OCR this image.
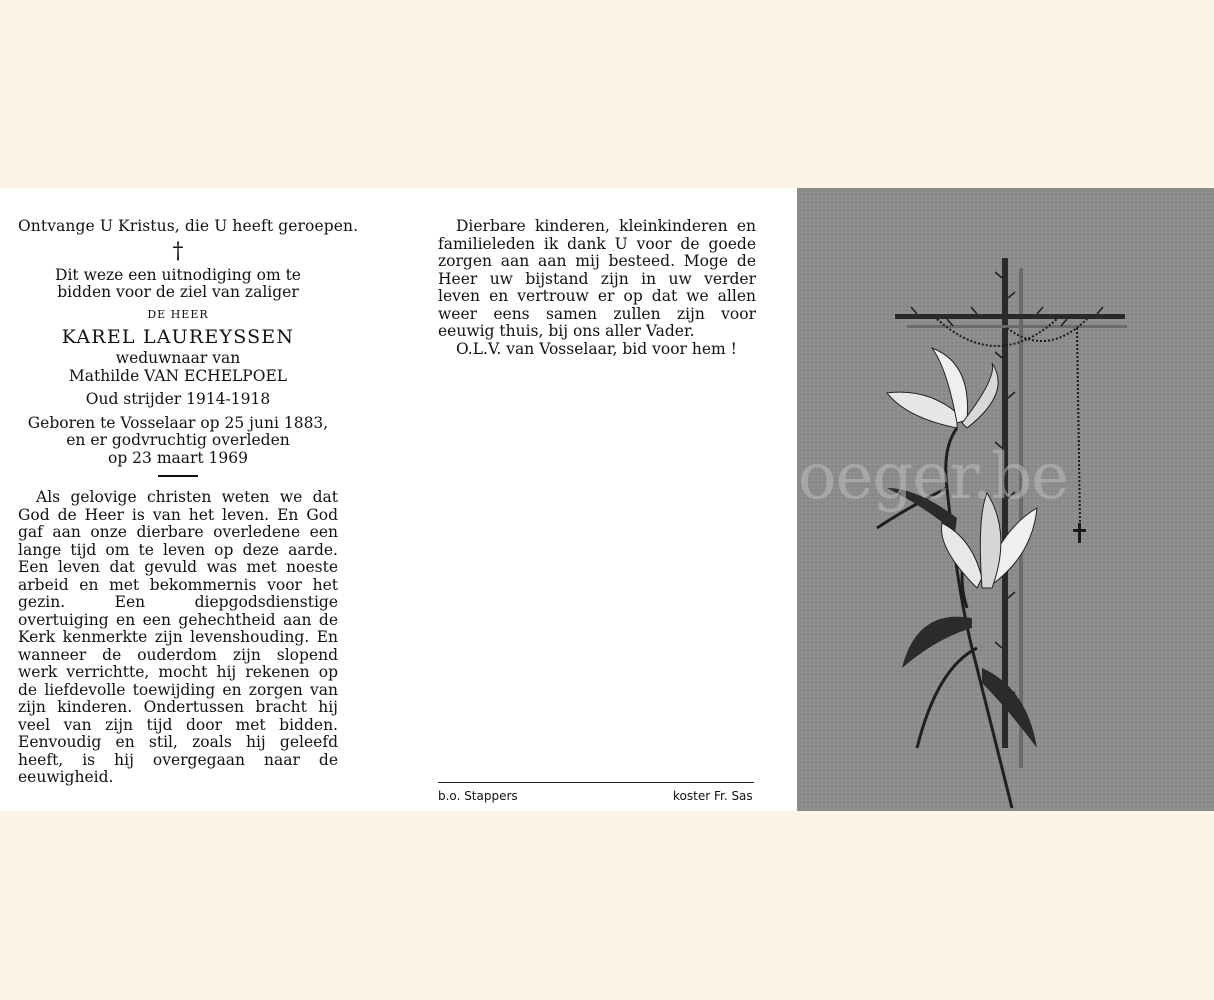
Ontvange U Kristus, die U heeft geroepen.
†
Dit weze een uitnodiging om te
bidden voor de ziel van zaliger
DE HEER
KAREL LAUREYSSEN
weduwnaar van
Mathilde VAN ECHELPOEL
Oud strijder 1914-1918
Geboren te Vosselaar op 25 juni 1883,
en er godvruchtig overleden
op 23 maart 1969
Als gelovige christen weten we dat God de Heer is van het leven. En God gaf aan onze dierbare overledene een lange tijd om te leven op deze aarde. Een leven dat gevuld was met noeste arbeid en met bekommernis voor het gezin. Een diepgodsdienstige overtuiging en een gehechtheid aan de Kerk kenmerkte zijn levenshouding. En wanneer de ouderdom zijn slopend werk verrichtte, mocht hij rekenen op de liefdevolle toewijding en zorgen van zijn kinderen. Ondertussen bracht hij veel van zijn tijd door met bidden. Eenvoudig en stil, zoals hij geleefd heeft, is hij overgegaan naar de eeuwigheid.
Dierbare kinderen, kleinkinderen en familieleden ik dank U voor de goede zorgen aan aan mij besteed. Moge de Heer uw bijstand zijn in uw verder leven en vertrouw er op dat we allen weer eens samen zullen zijn voor eeuwig thuis, bij ons aller Vader.
O.L.V. van Vosselaar, bid voor hem !
b.o. Stappers	koster Fr. Sas
oeger.be
